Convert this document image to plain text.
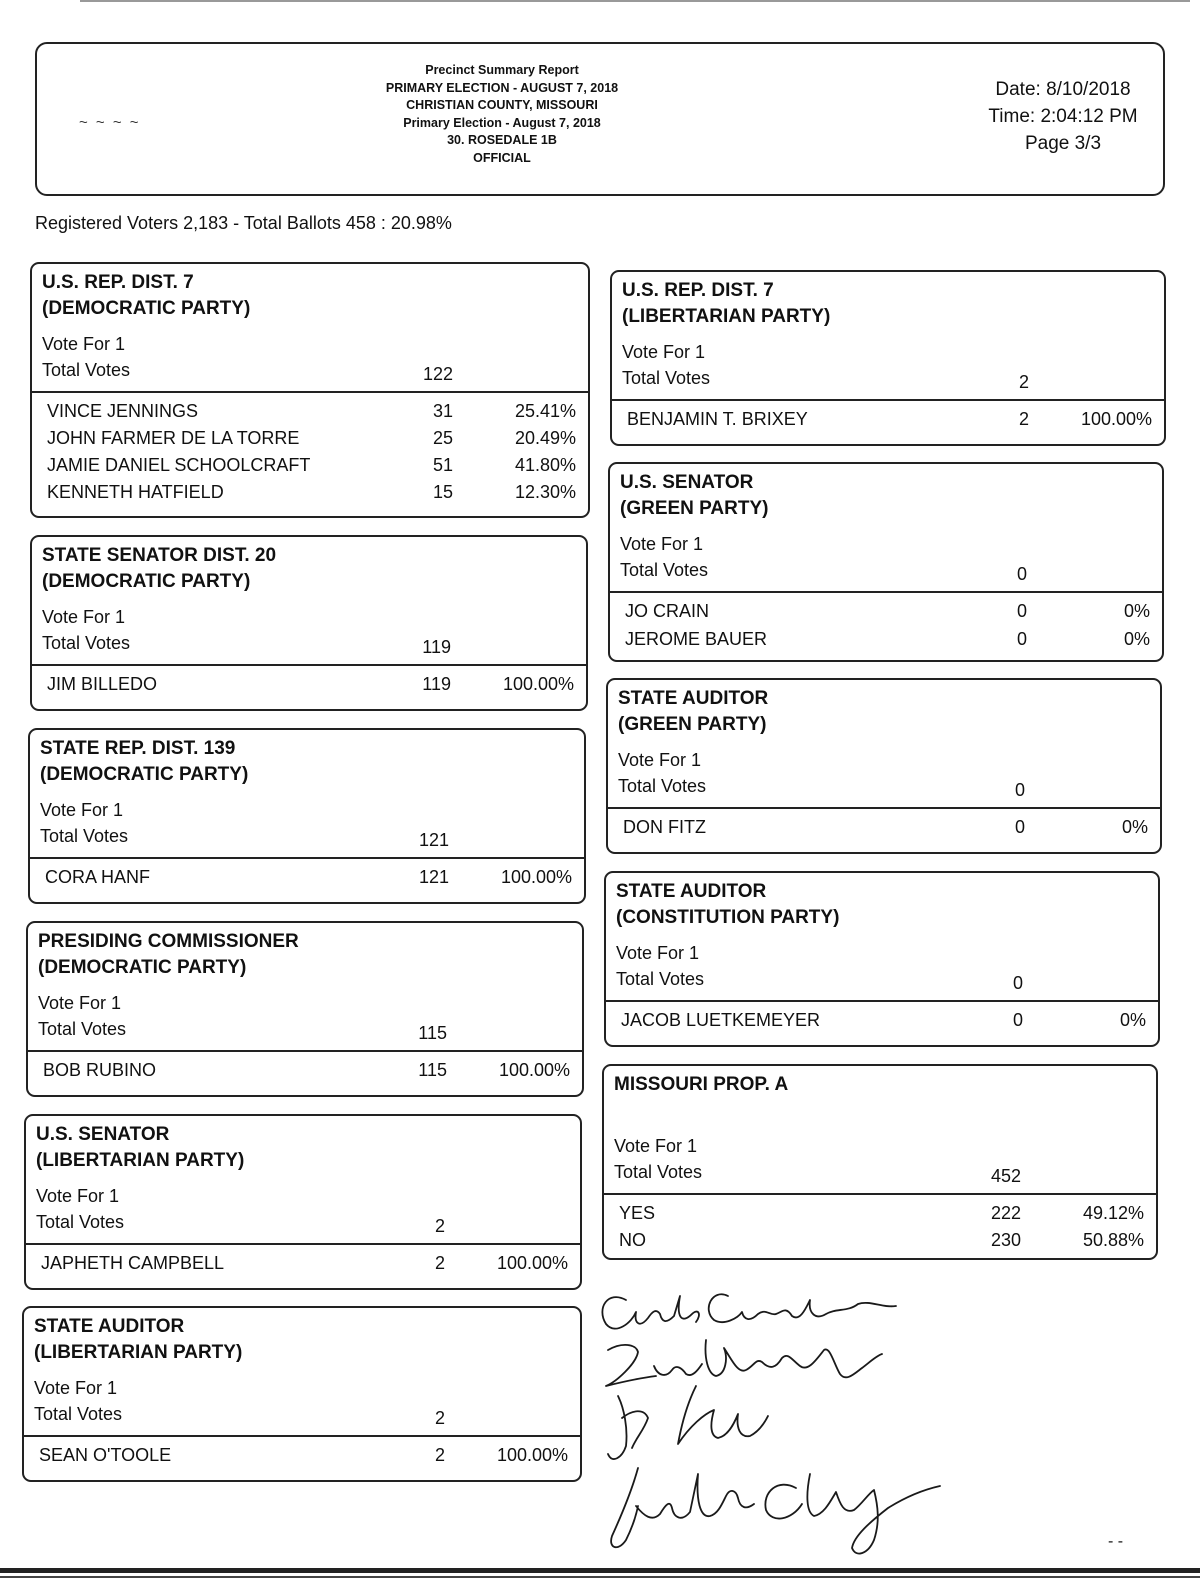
~ ~ ~ ~
Precinct Summary Report
PRIMARY ELECTION - AUGUST 7, 2018
CHRISTIAN COUNTY, MISSOURI
Primary Election - August 7, 2018
30. ROSEDALE 1B
OFFICIAL
Date: 8/10/2018
Time: 2:04:12 PM
Page 3/3
Registered Voters 2,183 - Total Ballots 458 : 20.98%
U.S. REP. DIST. 7
(DEMOCRATIC PARTY)
Vote For 1
Total Votes	122
VINCE JENNINGS	31	25.41%
JOHN FARMER DE LA TORRE	25	20.49%
JAMIE DANIEL SCHOOLCRAFT	51	41.80%
KENNETH HATFIELD	15	12.30%
STATE SENATOR DIST. 20
(DEMOCRATIC PARTY)
Vote For 1
Total Votes	119
JIM BILLEDO	119	100.00%
STATE REP. DIST. 139
(DEMOCRATIC PARTY)
Vote For 1
Total Votes	121
CORA HANF	121	100.00%
PRESIDING COMMISSIONER
(DEMOCRATIC PARTY)
Vote For 1
Total Votes	115
BOB RUBINO	115	100.00%
U.S. SENATOR
(LIBERTARIAN PARTY)
Vote For 1
Total Votes	2
JAPHETH CAMPBELL	2	100.00%
STATE AUDITOR
(LIBERTARIAN PARTY)
Vote For 1
Total Votes	2
SEAN O'TOOLE	2	100.00%
U.S. REP. DIST. 7
(LIBERTARIAN PARTY)
Vote For 1
Total Votes	2
BENJAMIN T. BRIXEY	2	100.00%
U.S. SENATOR
(GREEN PARTY)
Vote For 1
Total Votes	0
JO CRAIN	0	0%
JEROME BAUER	0	0%
STATE AUDITOR
(GREEN PARTY)
Vote For 1
Total Votes	0
DON FITZ	0	0%
STATE AUDITOR
(CONSTITUTION PARTY)
Vote For 1
Total Votes	0
JACOB LUETKEMEYER	0	0%
MISSOURI PROP. A
Vote For 1
Total Votes	452
YES	222	49.12%
NO	230	50.88%
- -
